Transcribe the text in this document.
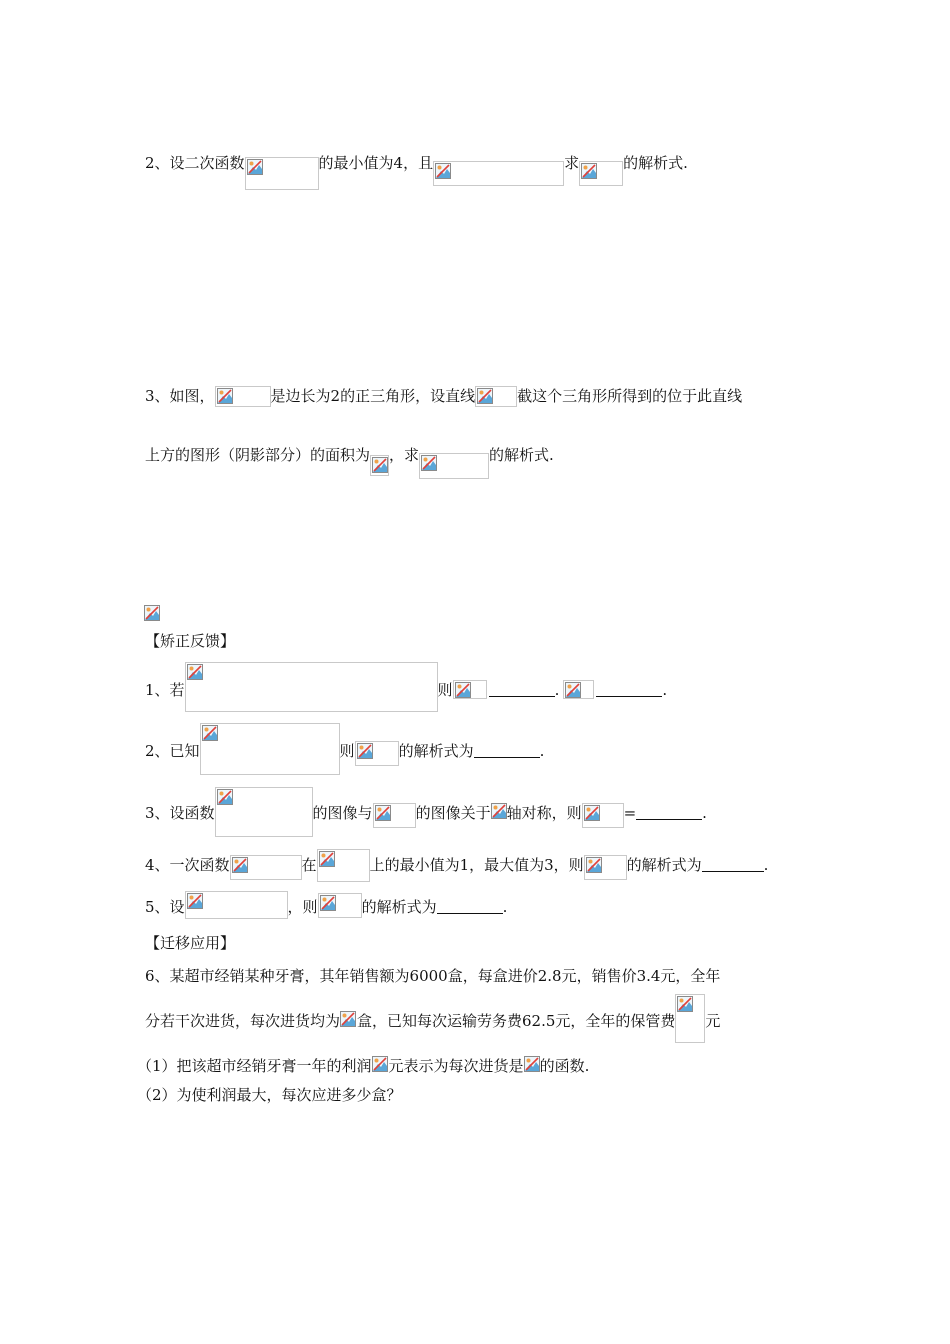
2、设二次函数	的最小值为4，且	求	的解析式.
3、如图，	是边长为2的正三角形，设直线	截这个三角形所得到的位于此直线
上方的图形（阴影部分）的面积为 ，求	的解析式.
【矫正反馈】
1、若	则	.	.
2、已知	则	的解析式为	.
3、设函数	的图像与	的图像关于 轴对称，则	=	.
4、一次函数	在	上的最小值为1，最大值为3，则	的解析式为	.
5、设	，则	的解析式为	.
【迁移应用】
6、某超市经销某种牙膏，其年销售额为6000盒，每盒进价2.8元，销售价3.4元，全年
分若干次进货，每次进货均为 盒，已知每次运输劳务费62.5元，全年的保管费 元
（1）把该超市经销牙膏一年的利润 元表示为每次进货是 的函数.
（2）为使利润最大，每次应进多少盒？
